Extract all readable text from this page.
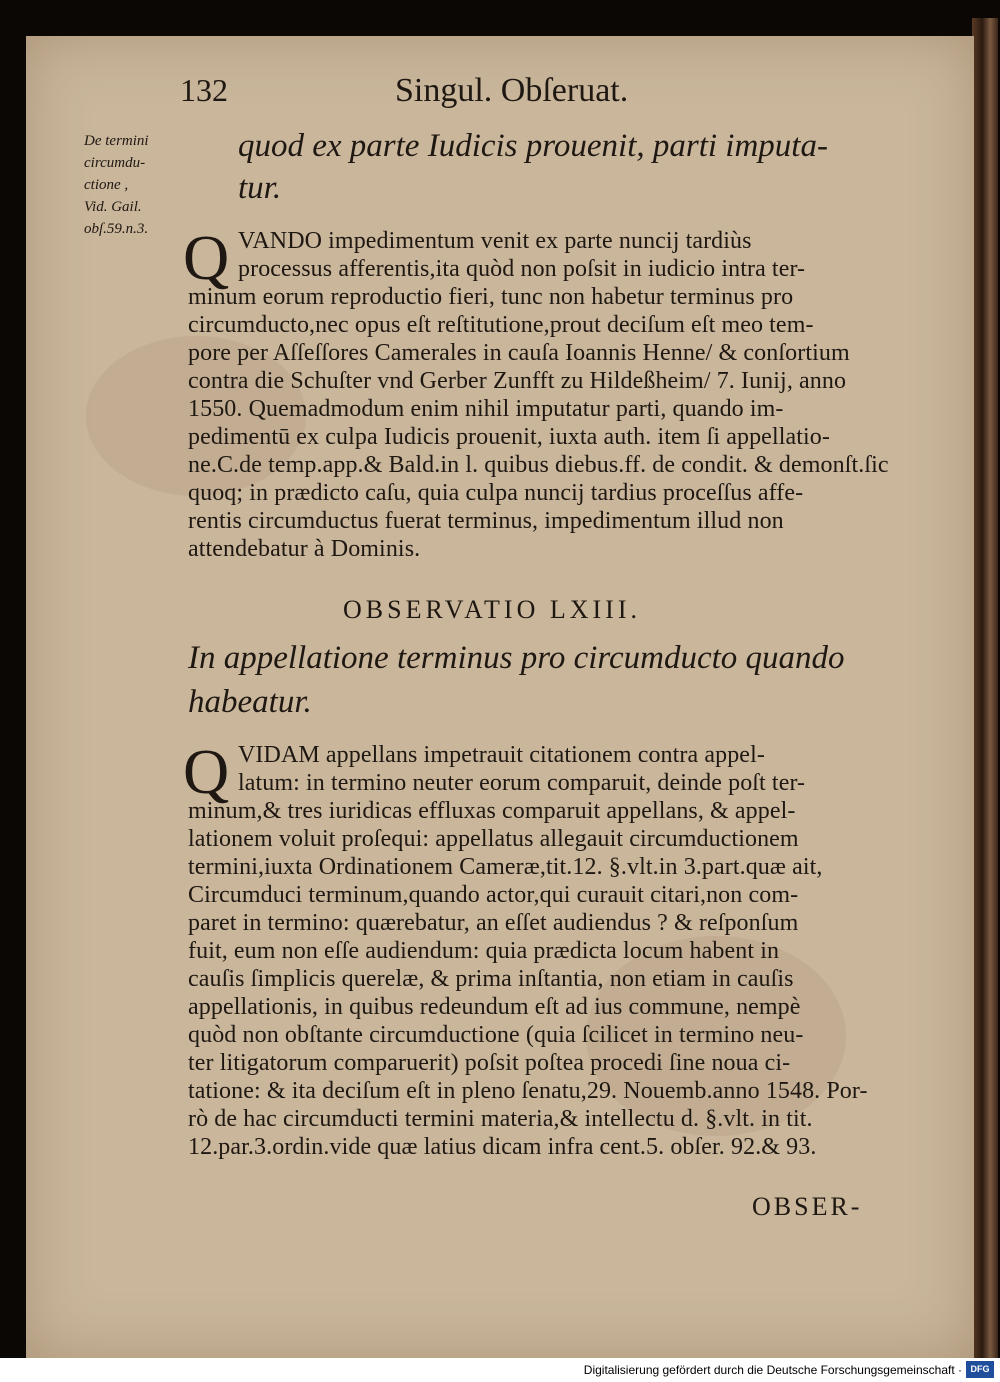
132	Singul. Obſeruat.
De termini
circumdu-
ctione ,
Vid. Gail.
obſ.59.n.3.
quod ex parte Iudicis prouenit, parti imputa-
tur.
Q VANDO impedimentum venit ex parte nuncij tardiùs
processus afferentis,ita quòd non poſsit in iudicio intra ter-
minum eorum reproductio fieri, tunc non habetur terminus pro
circumducto,nec opus eſt reſtitutione,prout deciſum eſt meo tem-
pore per Aſſeſſores Camerales in cauſa Ioannis Henne/ & conſortium
contra die Schuſter vnd Gerber Zunfft zu Hildeßheim/ 7. Iunij, anno
1550. Quemadmodum enim nihil imputatur parti, quando im-
pedimentū ex culpa Iudicis prouenit, iuxta auth. item ſi appellatio-
ne.C.de temp.app.& Bald.in l. quibus diebus.ff. de condit. & demonſt.ſic
quoq; in prædicto caſu, quia culpa nuncij tardius proceſſus affe-
rentis circumductus fuerat terminus, impedimentum illud non
attendebatur à Dominis.
OBSERVATIO LXIII.
In appellatione terminus pro circumducto quando
habeatur.
Q VIDAM appellans impetrauit citationem contra appel-
latum: in termino neuter eorum comparuit, deinde poſt ter-
minum,& tres iuridicas effluxas comparuit appellans, & appel-
lationem voluit proſequi: appellatus allegauit circumductionem
termini,iuxta Ordinationem Cameræ,tit.12. §.vlt.in 3.part.quæ ait,
Circumduci terminum,quando actor,qui curauit citari,non com-
paret in termino: quærebatur, an eſſet audiendus ? & reſponſum
fuit, eum non eſſe audiendum: quia prædicta locum habent in
cauſis ſimplicis querelæ, & prima inſtantia, non etiam in cauſis
appellationis, in quibus redeundum eſt ad ius commune, nempè
quòd non obſtante circumductione (quia ſcilicet in termino neu-
ter litigatorum comparuerit) poſsit poſtea procedi ſine noua ci-
tatione: & ita deciſum eſt in pleno ſenatu,29. Nouemb.anno 1548. Por-
rò de hac circumducti termini materia,& intellectu d. §.vlt. in tit.
12.par.3.ordin.vide quæ latius dicam infra cent.5. obſer. 92.& 93.
OBSER-
Digitalisierung gefördert durch die Deutsche Forschungsgemeinschaft · DFG
